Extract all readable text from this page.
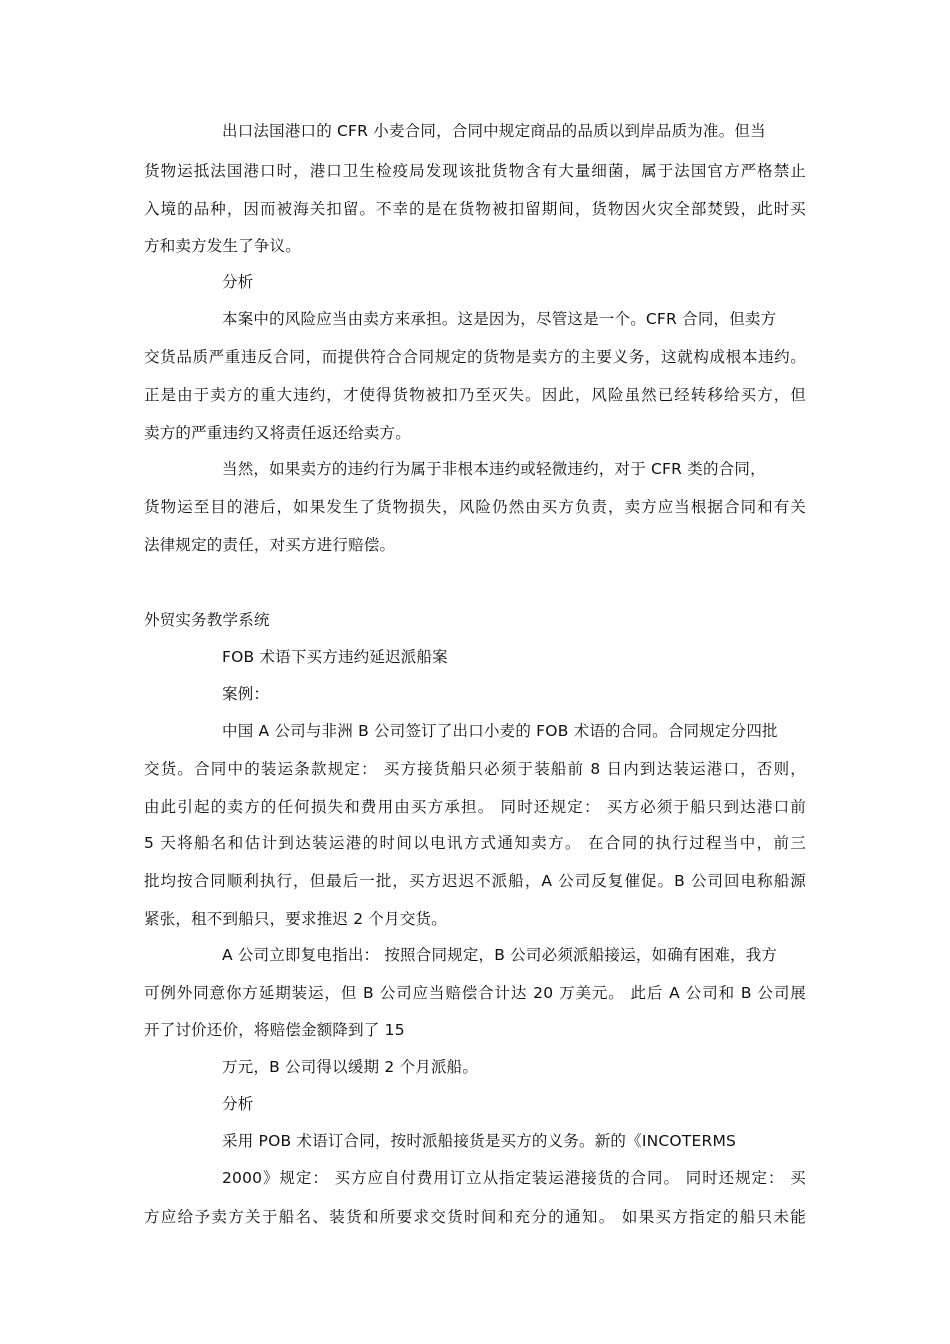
出口法国港口的 CFR 小麦合同，合同中规定商品的品质以到岸品质为准。但当
货物运抵法国港口时，港口卫生检疫局发现该批货物含有大量细菌，属于法国官方严格禁止
入境的品种，因而被海关扣留。不幸的是在货物被扣留期间，货物因火灾全部焚毁，此时买
方和卖方发生了争议。
分析
本案中的风险应当由卖方来承担。这是因为，尽管这是一个。CFR 合同，但卖方
交货品质严重违反合同，而提供符合合同规定的货物是卖方的主要义务，这就构成根本违约。
正是由于卖方的重大违约，才使得货物被扣乃至灭失。因此，风险虽然已经转移给买方，但
卖方的严重违约又将责任返还给卖方。
当然，如果卖方的违约行为属于非根本违约或轻微违约，对于 CFR 类的合同，
货物运至目的港后，如果发生了货物损失，风险仍然由买方负责，卖方应当根据合同和有关
法律规定的责任，对买方进行赔偿。
外贸实务教学系统
FOB 术语下买方违约延迟派船案
案例：
中国 A 公司与非洲 B 公司签订了出口小麦的 FOB 术语的合同。合同规定分四批
交货。合同中的装运条款规定： 买方接货船只必须于装船前 8 日内到达装运港口，否则，
由此引起的卖方的任何损失和费用由买方承担。 同时还规定： 买方必须于船只到达港口前
5 天将船名和估计到达装运港的时间以电讯方式通知卖方。 在合同的执行过程当中，前三
批均按合同顺利执行，但最后一批，买方迟迟不派船，A 公司反复催促。B 公司回电称船源
紧张，租不到船只，要求推迟 2 个月交货。
A 公司立即复电指出： 按照合同规定，B 公司必须派船接运，如确有困难，我方
可例外同意你方延期装运，但 B 公司应当赔偿合计达 20 万美元。 此后 A 公司和 B 公司展
开了讨价还价，将赔偿金额降到了 15
万元，B 公司得以缓期 2 个月派船。
分析
采用 POB 术语订合同，按时派船接货是买方的义务。新的《INCOTERMS
2000》规定： 买方应自付费用订立从指定装运港接货的合同。 同时还规定： 买
方应给予卖方关于船名、装货和所要求交货时间和充分的通知。 如果买方指定的船只未能
